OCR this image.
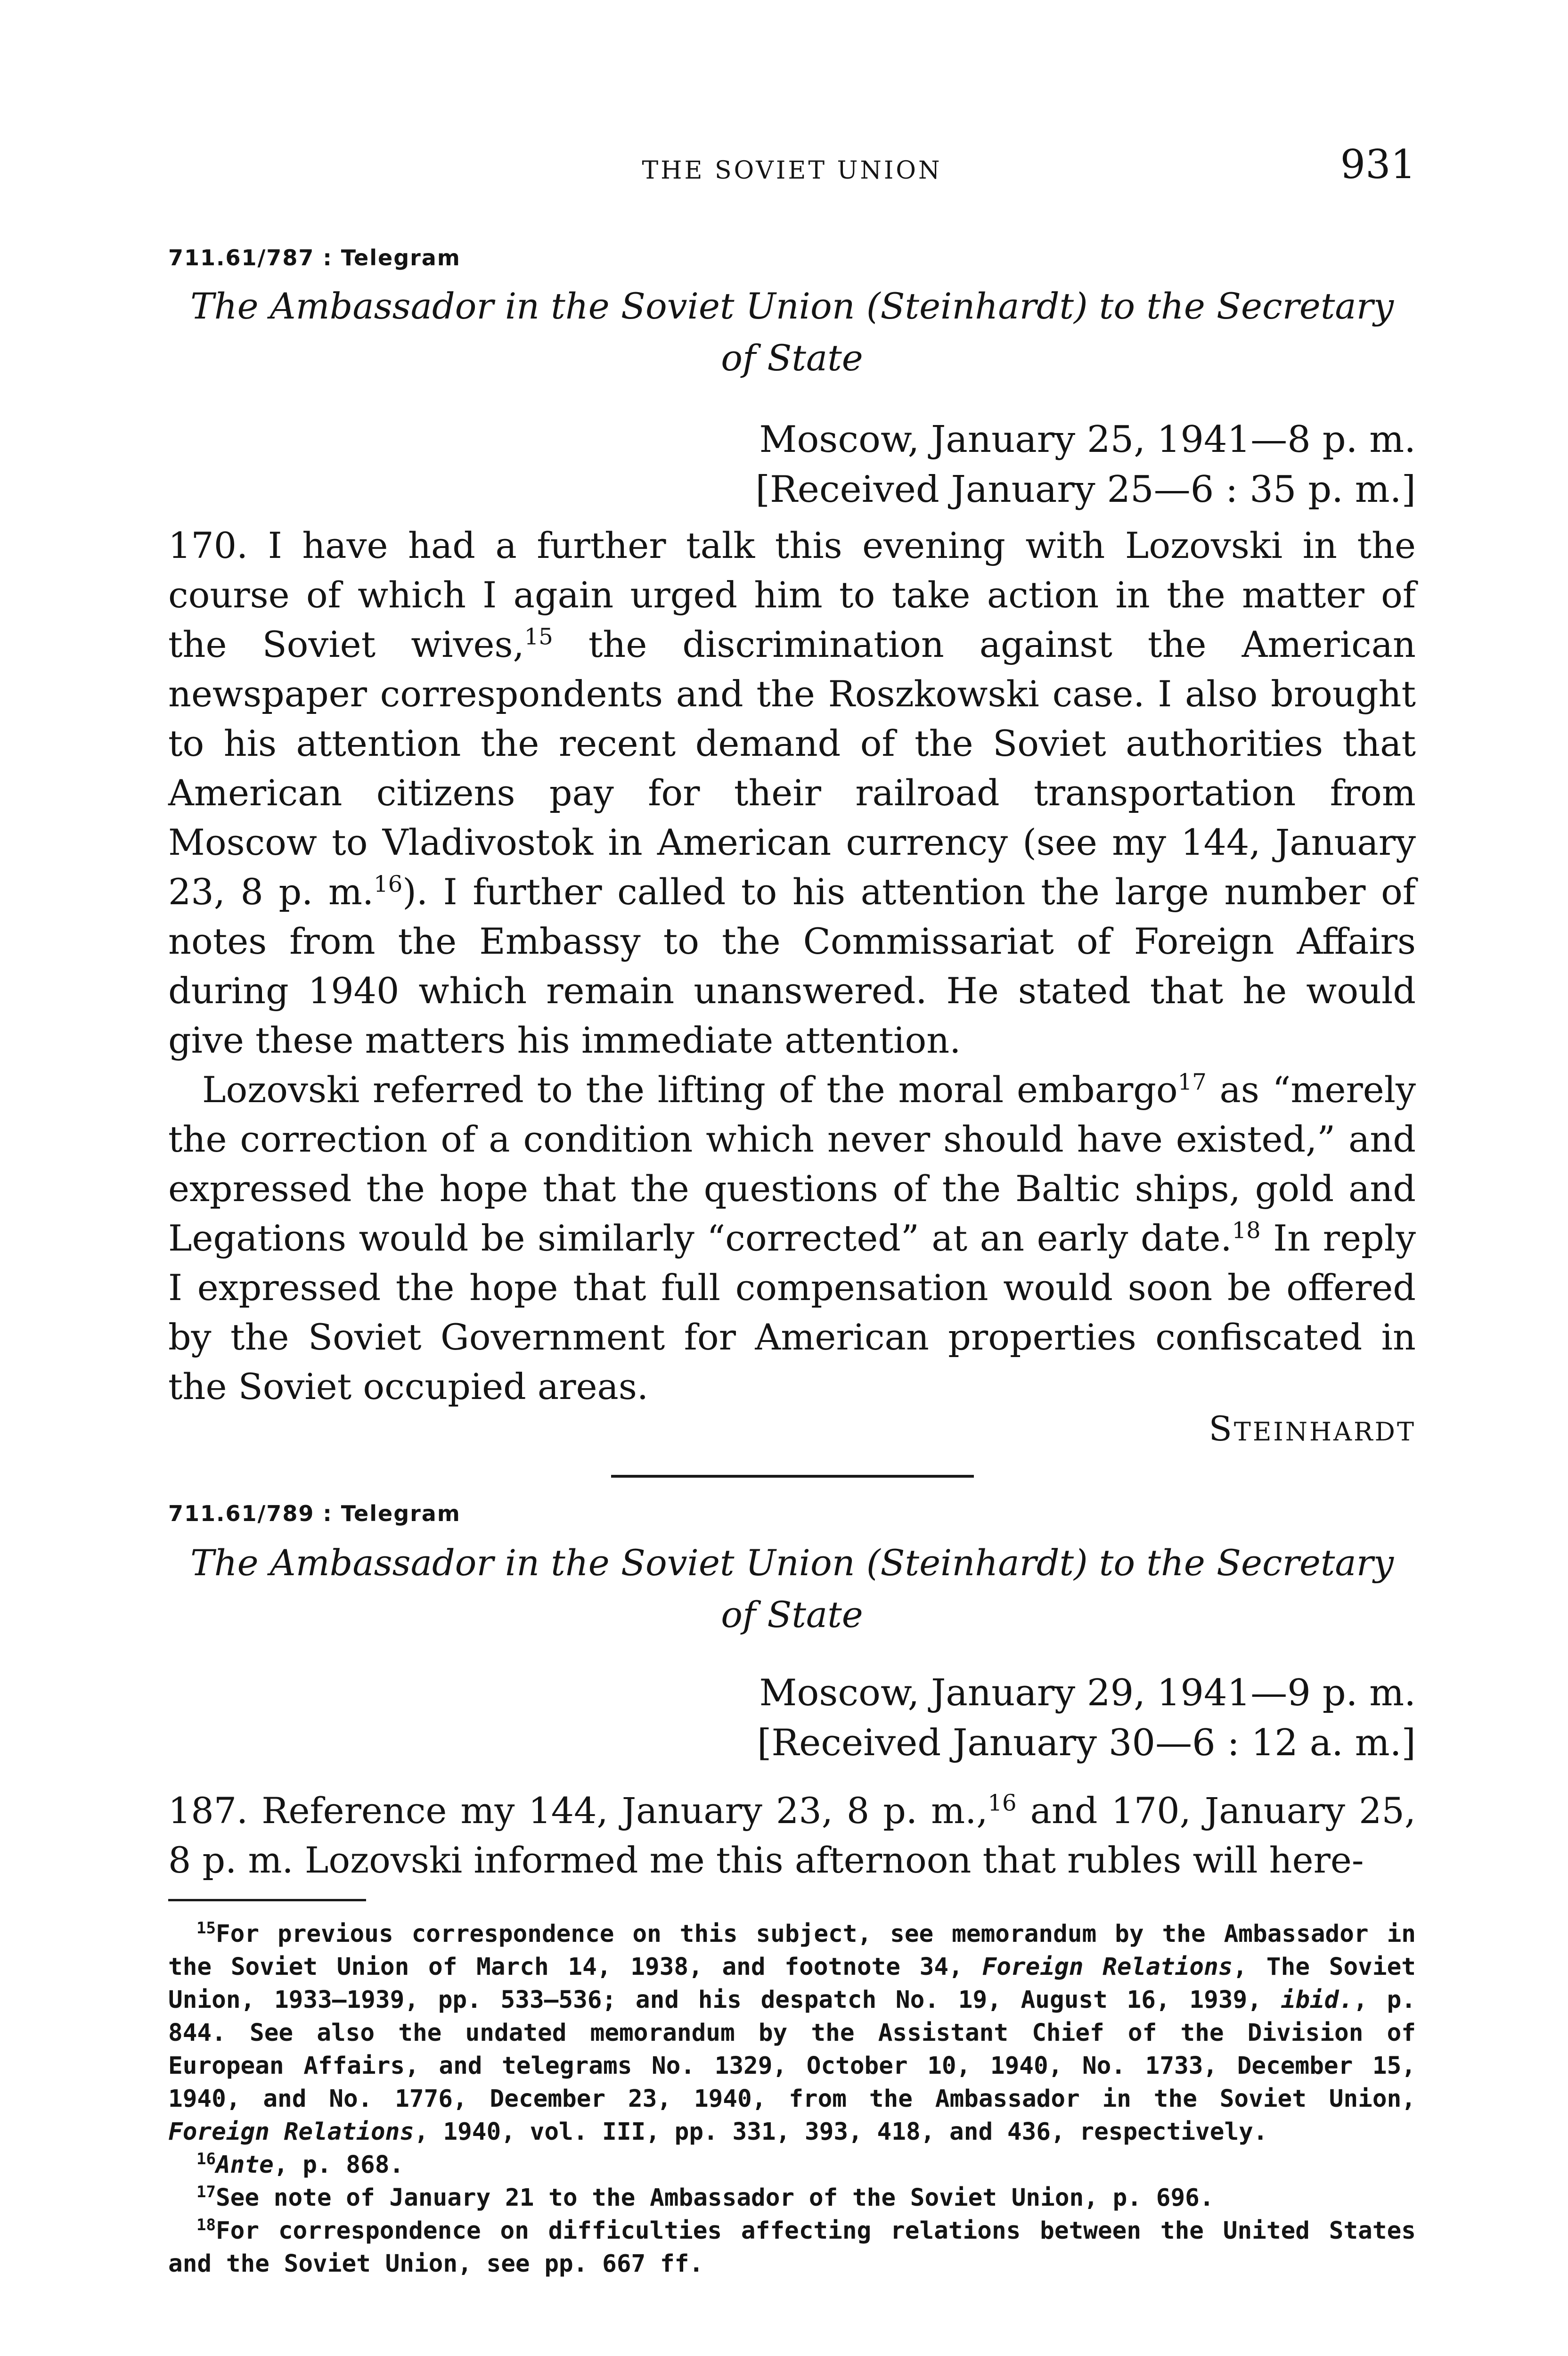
THE SOVIET UNION	931
711.61/787 : Telegram
The Ambassador in the Soviet Union (Steinhardt) to the Secretary
of State
Moscow, January 25, 1941—8 p. m.
[Received January 25—6 : 35 p. m.]

170. I have had a further talk this evening with Lozovski in the course of which I again urged him to take action in the matter of the Soviet wives,$^{15}$ the discrimination against the American newspaper correspondents and the Roszkowski case. I also brought to his attention the recent demand of the Soviet authorities that American citizens pay for their railroad transportation from Moscow to Vladivostok in American currency (see my 144, January 23, 8 p. m.$^{16}$). I further called to his attention the large number of notes from the Embassy to the Commissariat of Foreign Affairs during 1940 which remain unanswered. He stated that he would give these matters his immediate attention.

Lozovski referred to the lifting of the moral embargo$^{17}$ as “merely the correction of a condition which never should have existed,” and expressed the hope that the questions of the Baltic ships, gold and Legations would be similarly “corrected” at an early date.$^{18}$ In reply I expressed the hope that full compensation would soon be offered by the Soviet Government for American properties confiscated in the Soviet occupied areas.

STEINHARDT
711.61/789 : Telegram
The Ambassador in the Soviet Union (Steinhardt) to the Secretary
of State
Moscow, January 29, 1941—9 p. m.
[Received January 30—6 : 12 a. m.]

187. Reference my 144, January 23, 8 p. m.,$^{16}$ and 170, January 25, 8 p. m. Lozovski informed me this afternoon that rubles will here-

$^{15}$For previous correspondence on this subject, see memorandum by the Ambassador in the Soviet Union of March 14, 1938, and footnote 34, Foreign Relations, The Soviet Union, 1933–1939, pp. 533–536; and his despatch No. 19, August 16, 1939, ibid., p. 844. See also the undated memorandum by the Assistant Chief of the Division of European Affairs, and telegrams No. 1329, October 10, 1940, No. 1733, December 15, 1940, and No. 1776, December 23, 1940, from the Ambassador in the Soviet Union, Foreign Relations, 1940, vol. III, pp. 331, 393, 418, and 436, respectively.

$^{16}$Ante, p. 868.

$^{17}$See note of January 21 to the Ambassador of the Soviet Union, p. 696.

$^{18}$For correspondence on difficulties affecting relations between the United States and the Soviet Union, see pp. 667 ff.
